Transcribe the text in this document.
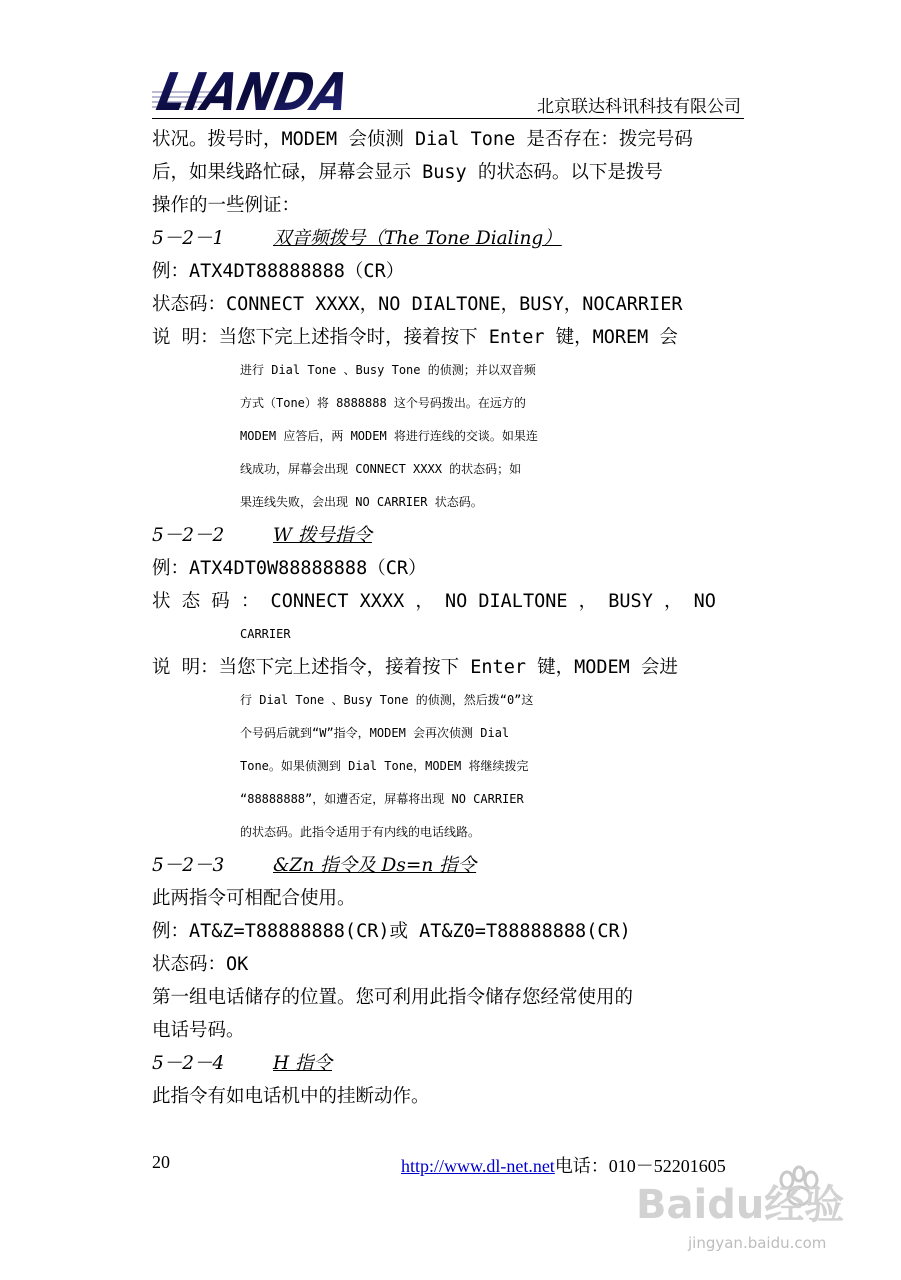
LIANDA	北京联达科讯科技有限公司
状况。拨号时，MODEM 会侦测 Dial Tone 是否存在：拨完号码
后，如果线路忙碌，屏幕会显示 Busy 的状态码。以下是拨号
操作的一些例证：
5－2－1	双音频拨号（The Tone Dialing）
例：ATX4DT88888888（CR）
状态码：CONNECT XXXX，NO DIALTONE，BUSY，NOCARRIER
说 明：当您下完上述指令时，接着按下 Enter 键，MOREM 会
进行 Dial Tone 、Busy Tone 的侦测；并以双音频
方式（Tone）将 8888888 这个号码拨出。在远方的
MODEM 应答后，两 MODEM 将进行连线的交谈。如果连
线成功，屏幕会出现 CONNECT XXXX 的状态码；如
果连线失败，会出现 NO CARRIER 状态码。
5－2－2	W 拨号指令
例：ATX4DT0W88888888（CR）
状 态 码 ： CONNECT XXXX ， NO DIALTONE ， BUSY ， NO
CARRIER
说 明：当您下完上述指令，接着按下 Enter 键，MODEM 会进
行 Dial Tone 、Busy Tone 的侦测，然后拨“0”这
个号码后就到“W”指令，MODEM 会再次侦测 Dial
Tone。如果侦测到 Dial Tone，MODEM 将继续拨完
“88888888”，如遭否定，屏幕将出现 NO CARRIER
的状态码。此指令适用于有内线的电话线路。
5－2－3	&Zn 指令及 Ds=n 指令
此两指令可相配合使用。
例：AT&Z=T88888888(CR)或 AT&Z0=T88888888(CR)
状态码：OK
第一组电话储存的位置。您可利用此指令储存您经常使用的
电话号码。
5－2－4	H 指令
此指令有如电话机中的挂断动作。
20	http://www.dl-net.net电话：010－52201605
Baidu经验
jingyan.baidu.com
